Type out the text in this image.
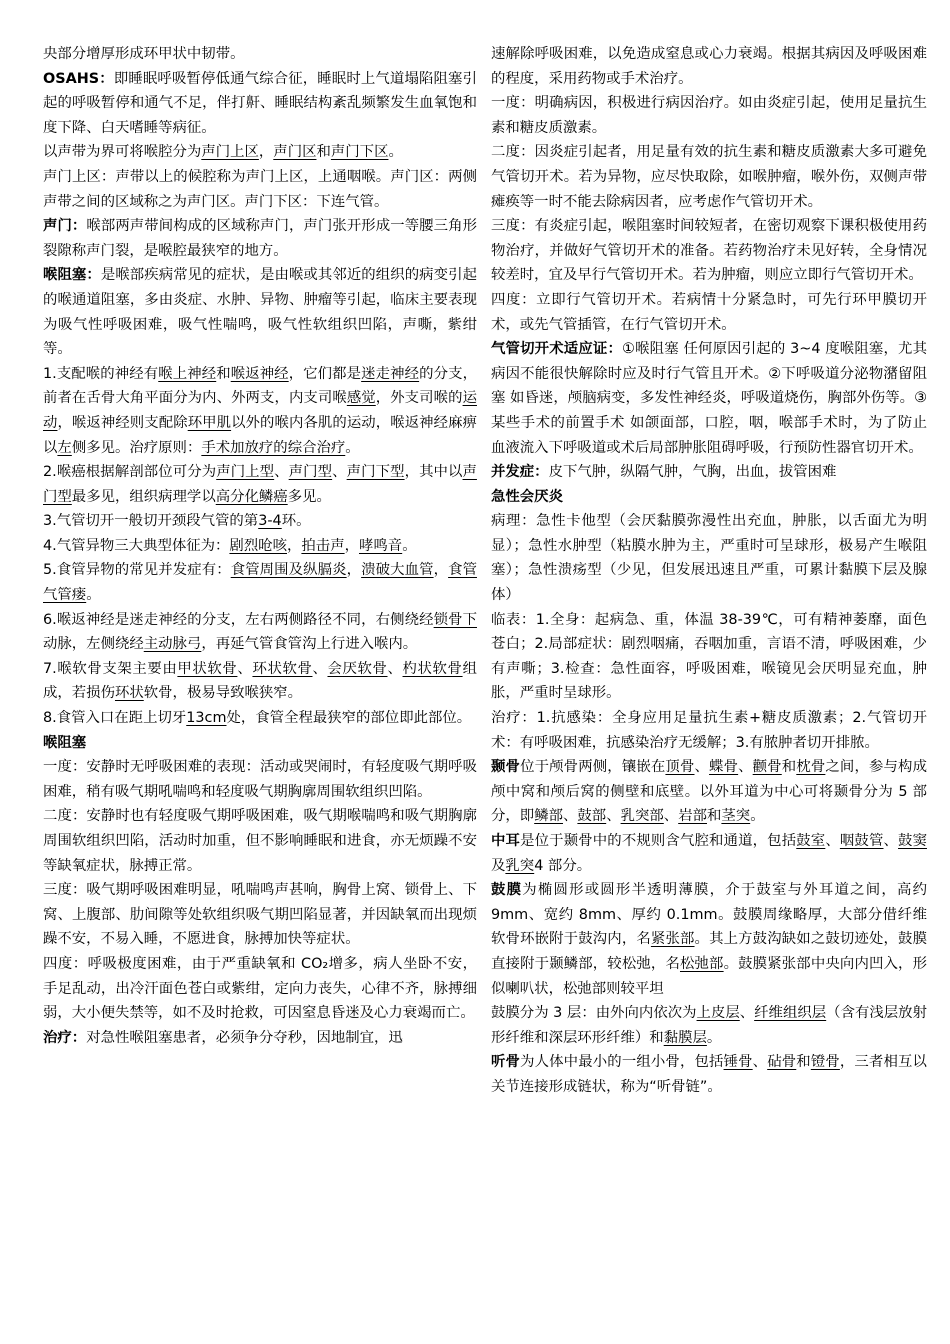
央部分增厚形成环甲状中韧带。

OSAHS：即睡眠呼吸暂停低通气综合征，睡眠时上气道塌陷阻塞引起的呼吸暂停和通气不足，伴打鼾、睡眠结构紊乱频繁发生血氧饱和度下降、白天嗜睡等病征。

以声带为界可将喉腔分为声门上区，声门区和声门下区。

声门上区：声带以上的候腔称为声门上区，上通咽喉。声门区：两侧声带之间的区域称之为声门区。声门下区：下连气管。

声门：喉部两声带间构成的区域称声门，声门张开形成一等腰三角形裂隙称声门裂，是喉腔最狭窄的地方。

喉阻塞：是喉部疾病常见的症状，是由喉或其邻近的组织的病变引起的喉通道阻塞，多由炎症、水肿、异物、肿瘤等引起，临床主要表现为吸气性呼吸困难，吸气性喘鸣，吸气性软组织凹陷，声嘶，紫绀等。

1.支配喉的神经有喉上神经和喉返神经，它们都是迷走神经的分支，前者在舌骨大角平面分为内、外两支，内支司喉感觉，外支司喉的运动，喉返神经则支配除环甲肌以外的喉内各肌的运动，喉返神经麻痹以左侧多见。治疗原则：手术加放疗的综合治疗。

2.喉癌根据解剖部位可分为声门上型、声门型、声门下型，其中以声门型最多见，组织病理学以高分化鳞癌多见。

3.气管切开一般切开颈段气管的第3-4环。

4.气管异物三大典型体征为：剧烈呛咳，拍击声，哮鸣音。

5.食管异物的常见并发症有：食管周围及纵膈炎，溃破大血管，食管气管瘘。

6.喉返神经是迷走神经的分支，左右两侧路径不同，右侧绕经锁骨下动脉，左侧绕经主动脉弓，再延气管食管沟上行进入喉内。

7.喉软骨支架主要由甲状软骨、环状软骨、会厌软骨、杓状软骨组成，若损伤环状软骨，极易导致喉狭窄。

8.食管入口在距上切牙13cm处，食管全程最狭窄的部位即此部位。

喉阻塞

一度：安静时无呼吸困难的表现：活动或哭闹时，有轻度吸气期呼吸困难，稍有吸气期吼喘鸣和轻度吸气期胸廓周围软组织凹陷。

二度：安静时也有轻度吸气期呼吸困难，吸气期喉喘鸣和吸气期胸廓周围软组织凹陷，活动时加重，但不影响睡眠和进食，亦无烦躁不安等缺氧症状，脉搏正常。

三度：吸气期呼吸困难明显，吼喘鸣声甚响，胸骨上窝、锁骨上、下窝、上腹部、肋间隙等处软组织吸气期凹陷显著，并因缺氧而出现烦躁不安，不易入睡，不愿进食，脉搏加快等症状。

四度：呼吸极度困难，由于严重缺氧和 CO₂增多，病人坐卧不安，手足乱动，出冷汗面色苍白或紫绀，定向力丧失，心律不齐，脉搏细弱，大小便失禁等，如不及时抢救，可因窒息昏迷及心力衰竭而亡。

治疗：对急性喉阻塞患者，必须争分夺秒，因地制宜，迅

速解除呼吸困难，以免造成窒息或心力衰竭。根据其病因及呼吸困难的程度，采用药物或手术治疗。

一度：明确病因，积极进行病因治疗。如由炎症引起，使用足量抗生素和糖皮质激素。

二度：因炎症引起者，用足量有效的抗生素和糖皮质激素大多可避免气管切开术。若为异物，应尽快取除，如喉肿瘤，喉外伤，双侧声带瘫痪等一时不能去除病因者，应考虑作气管切开术。

三度：有炎症引起，喉阻塞时间较短者，在密切观察下课积极使用药物治疗，并做好气管切开术的准备。若药物治疗未见好转，全身情况较差时，宜及早行气管切开术。若为肿瘤，则应立即行气管切开术。

四度：立即行气管切开术。若病情十分紧急时，可先行环甲膜切开术，或先气管插管，在行气管切开术。

气管切开术适应证：①喉阻塞 任何原因引起的 3~4 度喉阻塞，尤其病因不能很快解除时应及时行气管且开术。②下呼吸道分泌物潴留阻塞 如昏迷，颅脑病变，多发性神经炎，呼吸道烧伤，胸部外伤等。③某些手术的前置手术 如颌面部，口腔，咽，喉部手术时，为了防止血液流入下呼吸道或术后局部肿胀阻碍呼吸，行预防性器官切开术。

并发症：皮下气肿，纵隔气肿，气胸，出血，拔管困难

急性会厌炎

病理：急性卡他型（会厌黏膜弥漫性出充血，肿胀，以舌面尤为明显）；急性水肿型（粘膜水肿为主，严重时可呈球形，极易产生喉阻塞）；急性溃疡型（少见，但发展迅速且严重，可累计黏膜下层及腺体）

临表：1.全身：起病急、重，体温 38-39℃，可有精神萎靡，面色苍白；2.局部症状：剧烈咽痛，吞咽加重，言语不清，呼吸困难，少有声嘶；3.检查：急性面容，呼吸困难，喉镜见会厌明显充血，肿胀，严重时呈球形。

治疗：1.抗感染：全身应用足量抗生素+糖皮质激素；2.气管切开术：有呼吸困难，抗感染治疗无缓解；3.有脓肿者切开排脓。

颞骨位于颅骨两侧，镶嵌在顶骨、蝶骨、颧骨和枕骨之间，参与构成颅中窝和颅后窝的侧壁和底壁。以外耳道为中心可将颞骨分为 5 部分，即鳞部、鼓部、乳突部、岩部和茎突。

中耳是位于颞骨中的不规则含气腔和通道，包括鼓室、咽鼓管、鼓窦及乳突4 部分。

鼓膜为椭圆形或圆形半透明薄膜，介于鼓室与外耳道之间，高约 9mm、宽约 8mm、厚约 0.1mm。鼓膜周缘略厚，大部分借纤维软骨环嵌附于鼓沟内，名紧张部。其上方鼓沟缺如之鼓切迹处，鼓膜直接附于颞鳞部，较松弛，名松弛部。鼓膜紧张部中央向内凹入，形似喇叭状，松弛部则较平坦

鼓膜分为 3 层：由外向内依次为上皮层、纤维组织层（含有浅层放射形纤维和深层环形纤维）和黏膜层。

听骨为人体中最小的一组小骨，包括锤骨、砧骨和镫骨，三者相互以关节连接形成链状，称为“听骨链”。
